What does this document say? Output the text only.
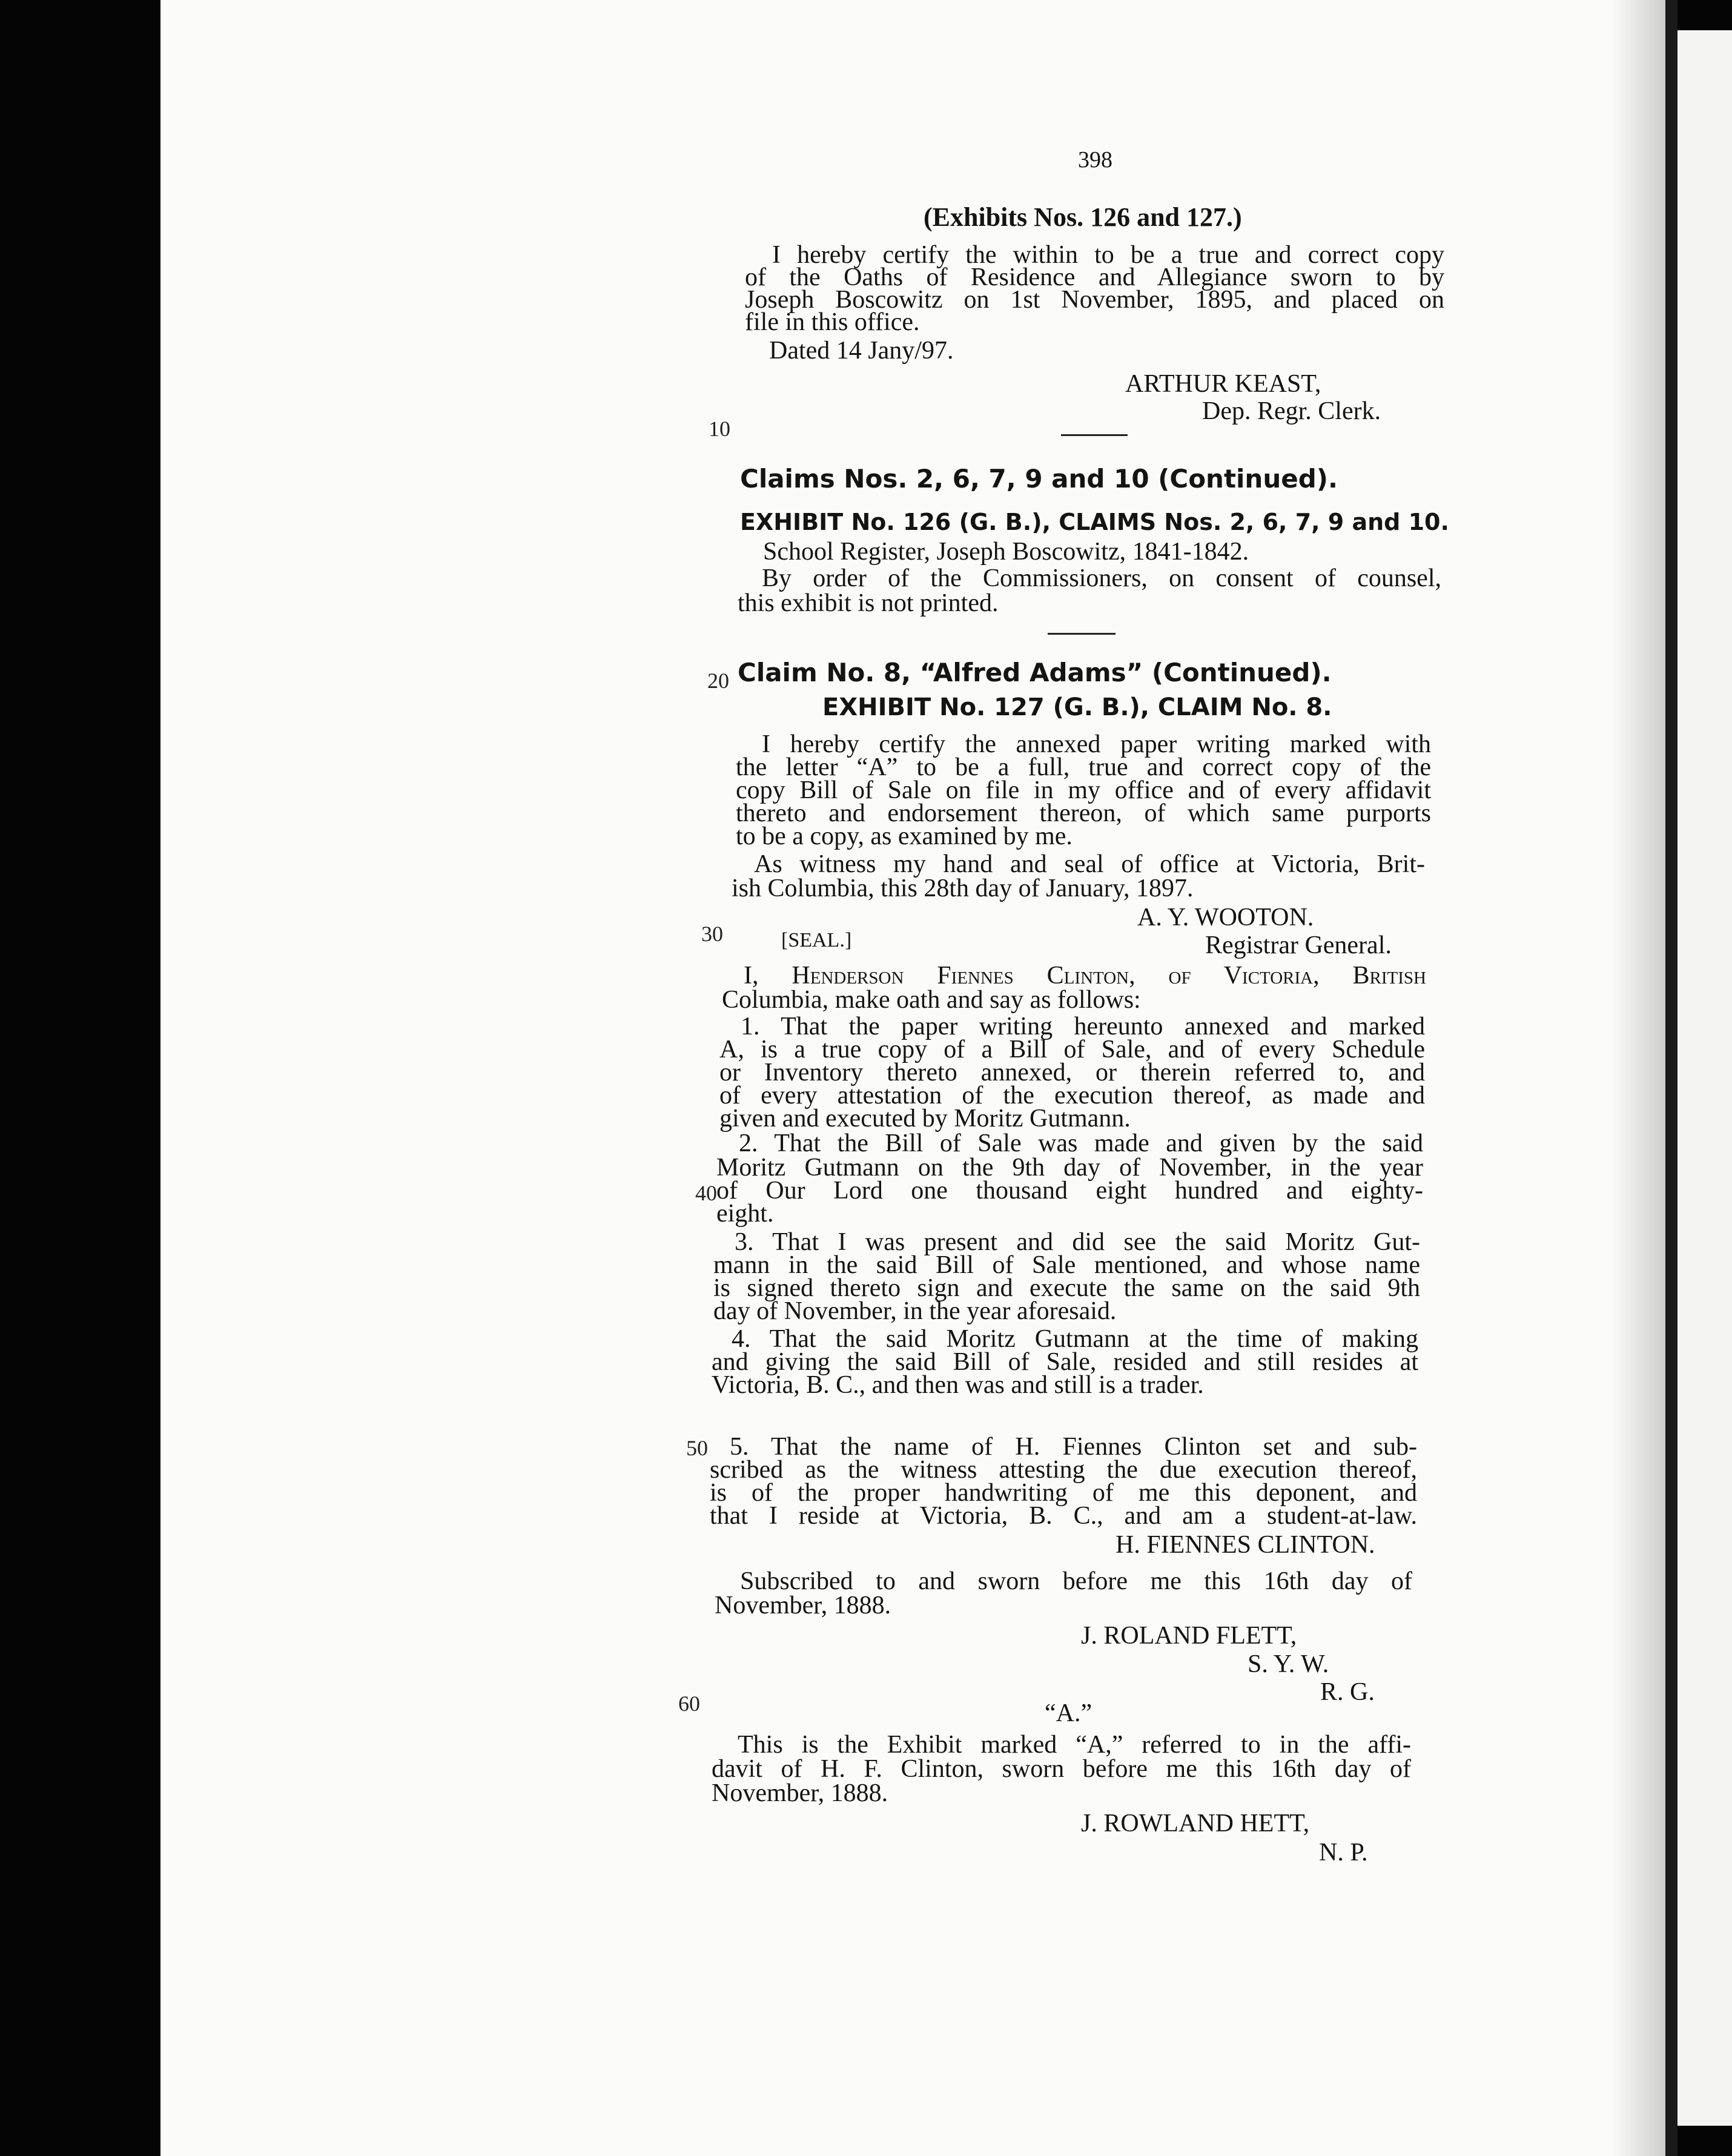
398
(Exhibits Nos. 126 and 127.)
I hereby certify the within to be a true and correct copy
of the Oaths of Residence and Allegiance sworn to by
Joseph Boscowitz on 1st November, 1895, and placed on
file in this office.
Dated 14 Jany/97.
ARTHUR KEAST,
Dep. Regr. Clerk.
10
20
30
40
50
60
Claims Nos. 2, 6, 7, 9 and 10 (Continued).
EXHIBIT No. 126 (G. B.), CLAIMS Nos. 2, 6, 7, 9 and 10.
School Register, Joseph Boscowitz, 1841-1842.
By order of the Commissioners, on consent of counsel,
this exhibit is not printed.
Claim No. 8, “Alfred Adams” (Continued).
EXHIBIT No. 127 (G. B.), CLAIM No. 8.
I hereby certify the annexed paper writing marked with
the letter “A” to be a full, true and correct copy of the
copy Bill of Sale on file in my office and of every affidavit
thereto and endorsement thereon, of which same purports
to be a copy, as examined by me.
As witness my hand and seal of office at Victoria, Brit-
ish Columbia, this 28th day of January, 1897.
A. Y. WOOTON.
[SEAL.]	Registrar General.
I, Henderson Fiennes Clinton, of Victoria, British
Columbia, make oath and say as follows:
1. That the paper writing hereunto annexed and marked
A, is a true copy of a Bill of Sale, and of every Schedule
or Inventory thereto annexed, or therein referred to, and
of every attestation of the execution thereof, as made and
given and executed by Moritz Gutmann.
2. That the Bill of Sale was made and given by the said
Moritz Gutmann on the 9th day of November, in the year
of Our Lord one thousand eight hundred and eighty-
eight.
3. That I was present and did see the said Moritz Gut-
mann in the said Bill of Sale mentioned, and whose name
is signed thereto sign and execute the same on the said 9th
day of November, in the year aforesaid.
4. That the said Moritz Gutmann at the time of making
and giving the said Bill of Sale, resided and still resides at
Victoria, B. C., and then was and still is a trader.
5. That the name of H. Fiennes Clinton set and sub-
scribed as the witness attesting the due execution thereof,
is of the proper handwriting of me this deponent, and
that I reside at Victoria, B. C., and am a student-at-law.
H. FIENNES CLINTON.
Subscribed to and sworn before me this 16th day of
November, 1888.
J. ROLAND FLETT,
S. Y. W.
R. G.
“A.”
This is the Exhibit marked “A,” referred to in the affi-
davit of H. F. Clinton, sworn before me this 16th day of
November, 1888.
J. ROWLAND HETT,
N. P.
